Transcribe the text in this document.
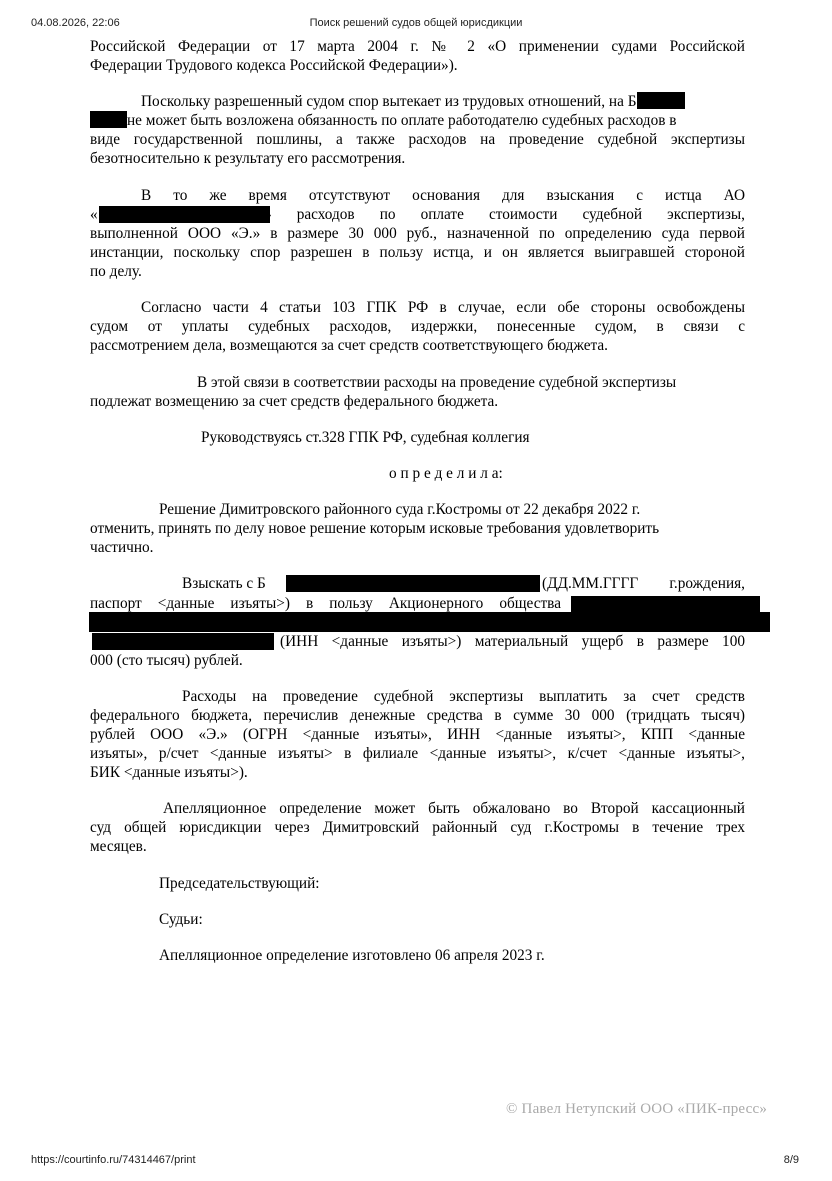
04.08.2026, 22:06	Поиск решений судов общей юрисдикции
Российской Федерации от 17 марта 2004 г. № 2 «О применении судами Российской
Федерации Трудового кодекса Российской Федерации»).
Поскольку разрешенный судом спор вытекает из трудовых отношений, на Б
не может быть возложена обязанность по оплате работодателю судебных расходов в
виде государственной пошлины, а также расходов на проведение судебной экспертизы
безотносительно к результату его рассмотрения.
В то же время отсутствуют основания для взыскания с истца АО
«	» расходов по оплате стоимости судебной экспертизы,
выполненной ООО «Э.» в размере 30 000 руб., назначенной по определению суда первой
инстанции, поскольку спор разрешен в пользу истца, и он является выигравшей стороной
по делу.
Согласно части 4 статьи 103 ГПК РФ в случае, если обе стороны освобождены
судом от уплаты судебных расходов, издержки, понесенные судом, в связи с
рассмотрением дела, возмещаются за счет средств соответствующего бюджета.
В этой связи в соответствии расходы на проведение судебной экспертизы
подлежат возмещению за счет средств федерального бюджета.
Руководствуясь ст.328 ГПК РФ, судебная коллегия
о п р е д е л и л а:
Решение Димитровского районного суда г.Костромы от 22 декабря 2022 г.
отменить, принять по делу новое решение которым исковые требования удовлетворить
частично.
Взыскать с Б	(ДД.ММ.ГГГГ г.рождения,
паспорт <данные изъяты>) в пользу Акционерного общества
(ИНН <данные изъяты>) материальный ущерб в размере 100
000 (сто тысяч) рублей.
Расходы на проведение судебной экспертизы выплатить за счет средств
федерального бюджета, перечислив денежные средства в сумме 30 000 (тридцать тысяч)
рублей ООО «Э.» (ОГРН <данные изъяты», ИНН <данные изъяты>, КПП <данные
изъяты», р/счет <данные изъяты> в филиале <данные изъяты>, к/счет <данные изъяты>,
БИК <данные изъяты>).
Апелляционное определение может быть обжаловано во Второй кассационный
суд общей юрисдикции через Димитровский районный суд г.Костромы в течение трех
месяцев.
Председательствующий:
Судьи:
Апелляционное определение изготовлено 06 апреля 2023 г.
© Павел Нетупский ООО «ПИК-пресс»
https://courtinfo.ru/74314467/print	8/9
